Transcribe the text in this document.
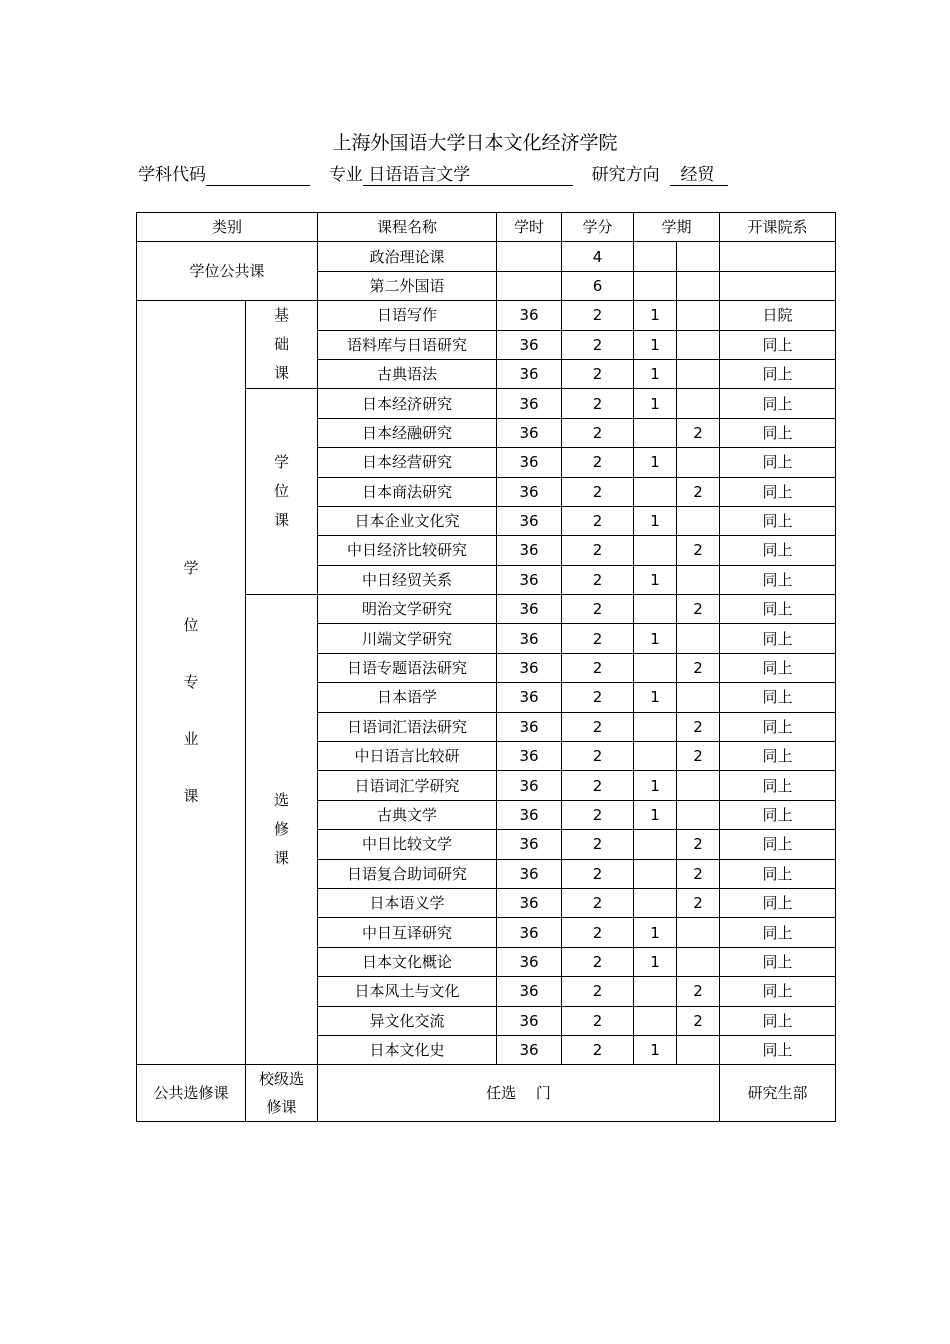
上海外国语大学日本文化经济学院
学科代码	专业 日语语言文学	研究方向 经贸
类别		课程名称	学时	学分	学期		开课院系
学位公共课		政治理论课		4			
		第二外国语		6			
学位专业课	基础课	日语写作	36	2	1		日院
		语料库与日语研究	36	2	1		同上
		古典语法	36	2	1		同上
	学位课	日本经济研究	36	2	1		同上
		日本经融研究	36	2		2	同上
		日本经营研究	36	2	1		同上
		日本商法研究	36	2		2	同上
		日本企业文化究	36	2	1		同上
		中日经济比较研究	36	2		2	同上
		中日经贸关系	36	2	1		同上
	选修课	明治文学研究	36	2		2	同上
		川端文学研究	36	2	1		同上
		日语专题语法研究	36	2		2	同上
		日本语学	36	2	1		同上
		日语词汇语法研究	36	2		2	同上
		中日语言比较研	36	2		2	同上
		日语词汇学研究	36	2	1		同上
		古典文学	36	2	1		同上
		中日比较文学	36	2		2	同上
		日语复合助词研究	36	2		2	同上
		日本语义学	36	2		2	同上
		中日互译研究	36	2	1		同上
		日本文化概论	36	2	1		同上
		日本风土与文化	36	2		2	同上
		异文化交流	36	2		2	同上
		日本文化史	36	2	1		同上
公共选修课	校级选修课	任选　 门					研究生部
